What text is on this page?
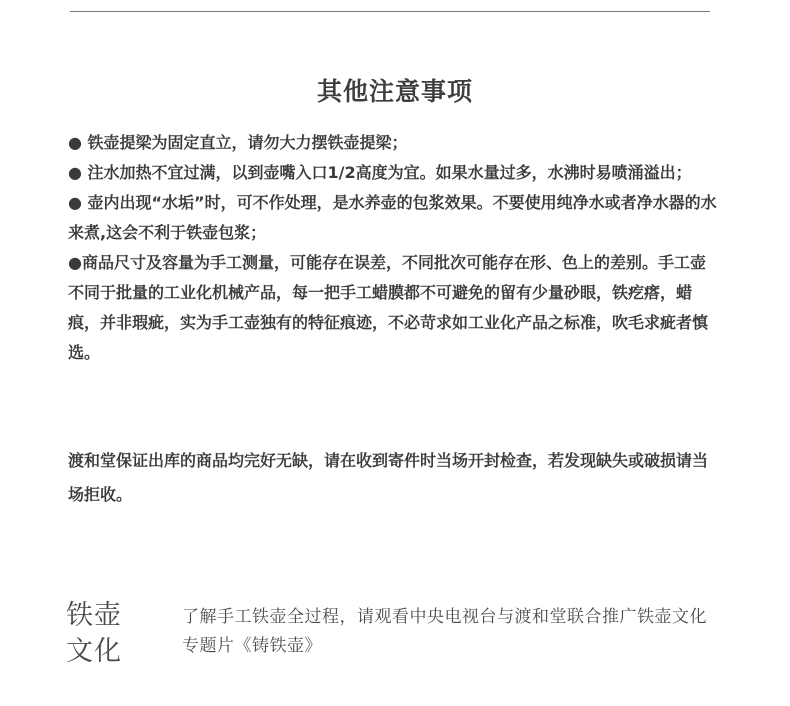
其他注意事项

● 铁壶提梁为固定直立，请勿大力摆铁壶提梁；

● 注水加热不宜过满，以到壶嘴入口1/2高度为宜。如果水量过多，水沸时易喷涌溢出；

● 壶内出现“水垢”时，可不作处理，是水养壶的包浆效果。不要使用纯净水或者净水器的水来煮,这会不利于铁壶包浆；

●商品尺寸及容量为手工测量，可能存在误差，不同批次可能存在形、色上的差别。手工壶不同于批量的工业化机械产品，每一把手工蜡膜都不可避免的留有少量砂眼，铁疙瘩，蜡痕，并非瑕疵，实为手工壶独有的特征痕迹，不必苛求如工业化产品之标准，吹毛求疵者慎选。

渡和堂保证出库的商品均完好无缺，请在收到寄件时当场开封检查，若发现缺失或破损请当场拒收。
铁壶
文化
了解手工铁壶全过程，请观看中央电视台与渡和堂联合推广铁壶文化专题片《铸铁壶》
